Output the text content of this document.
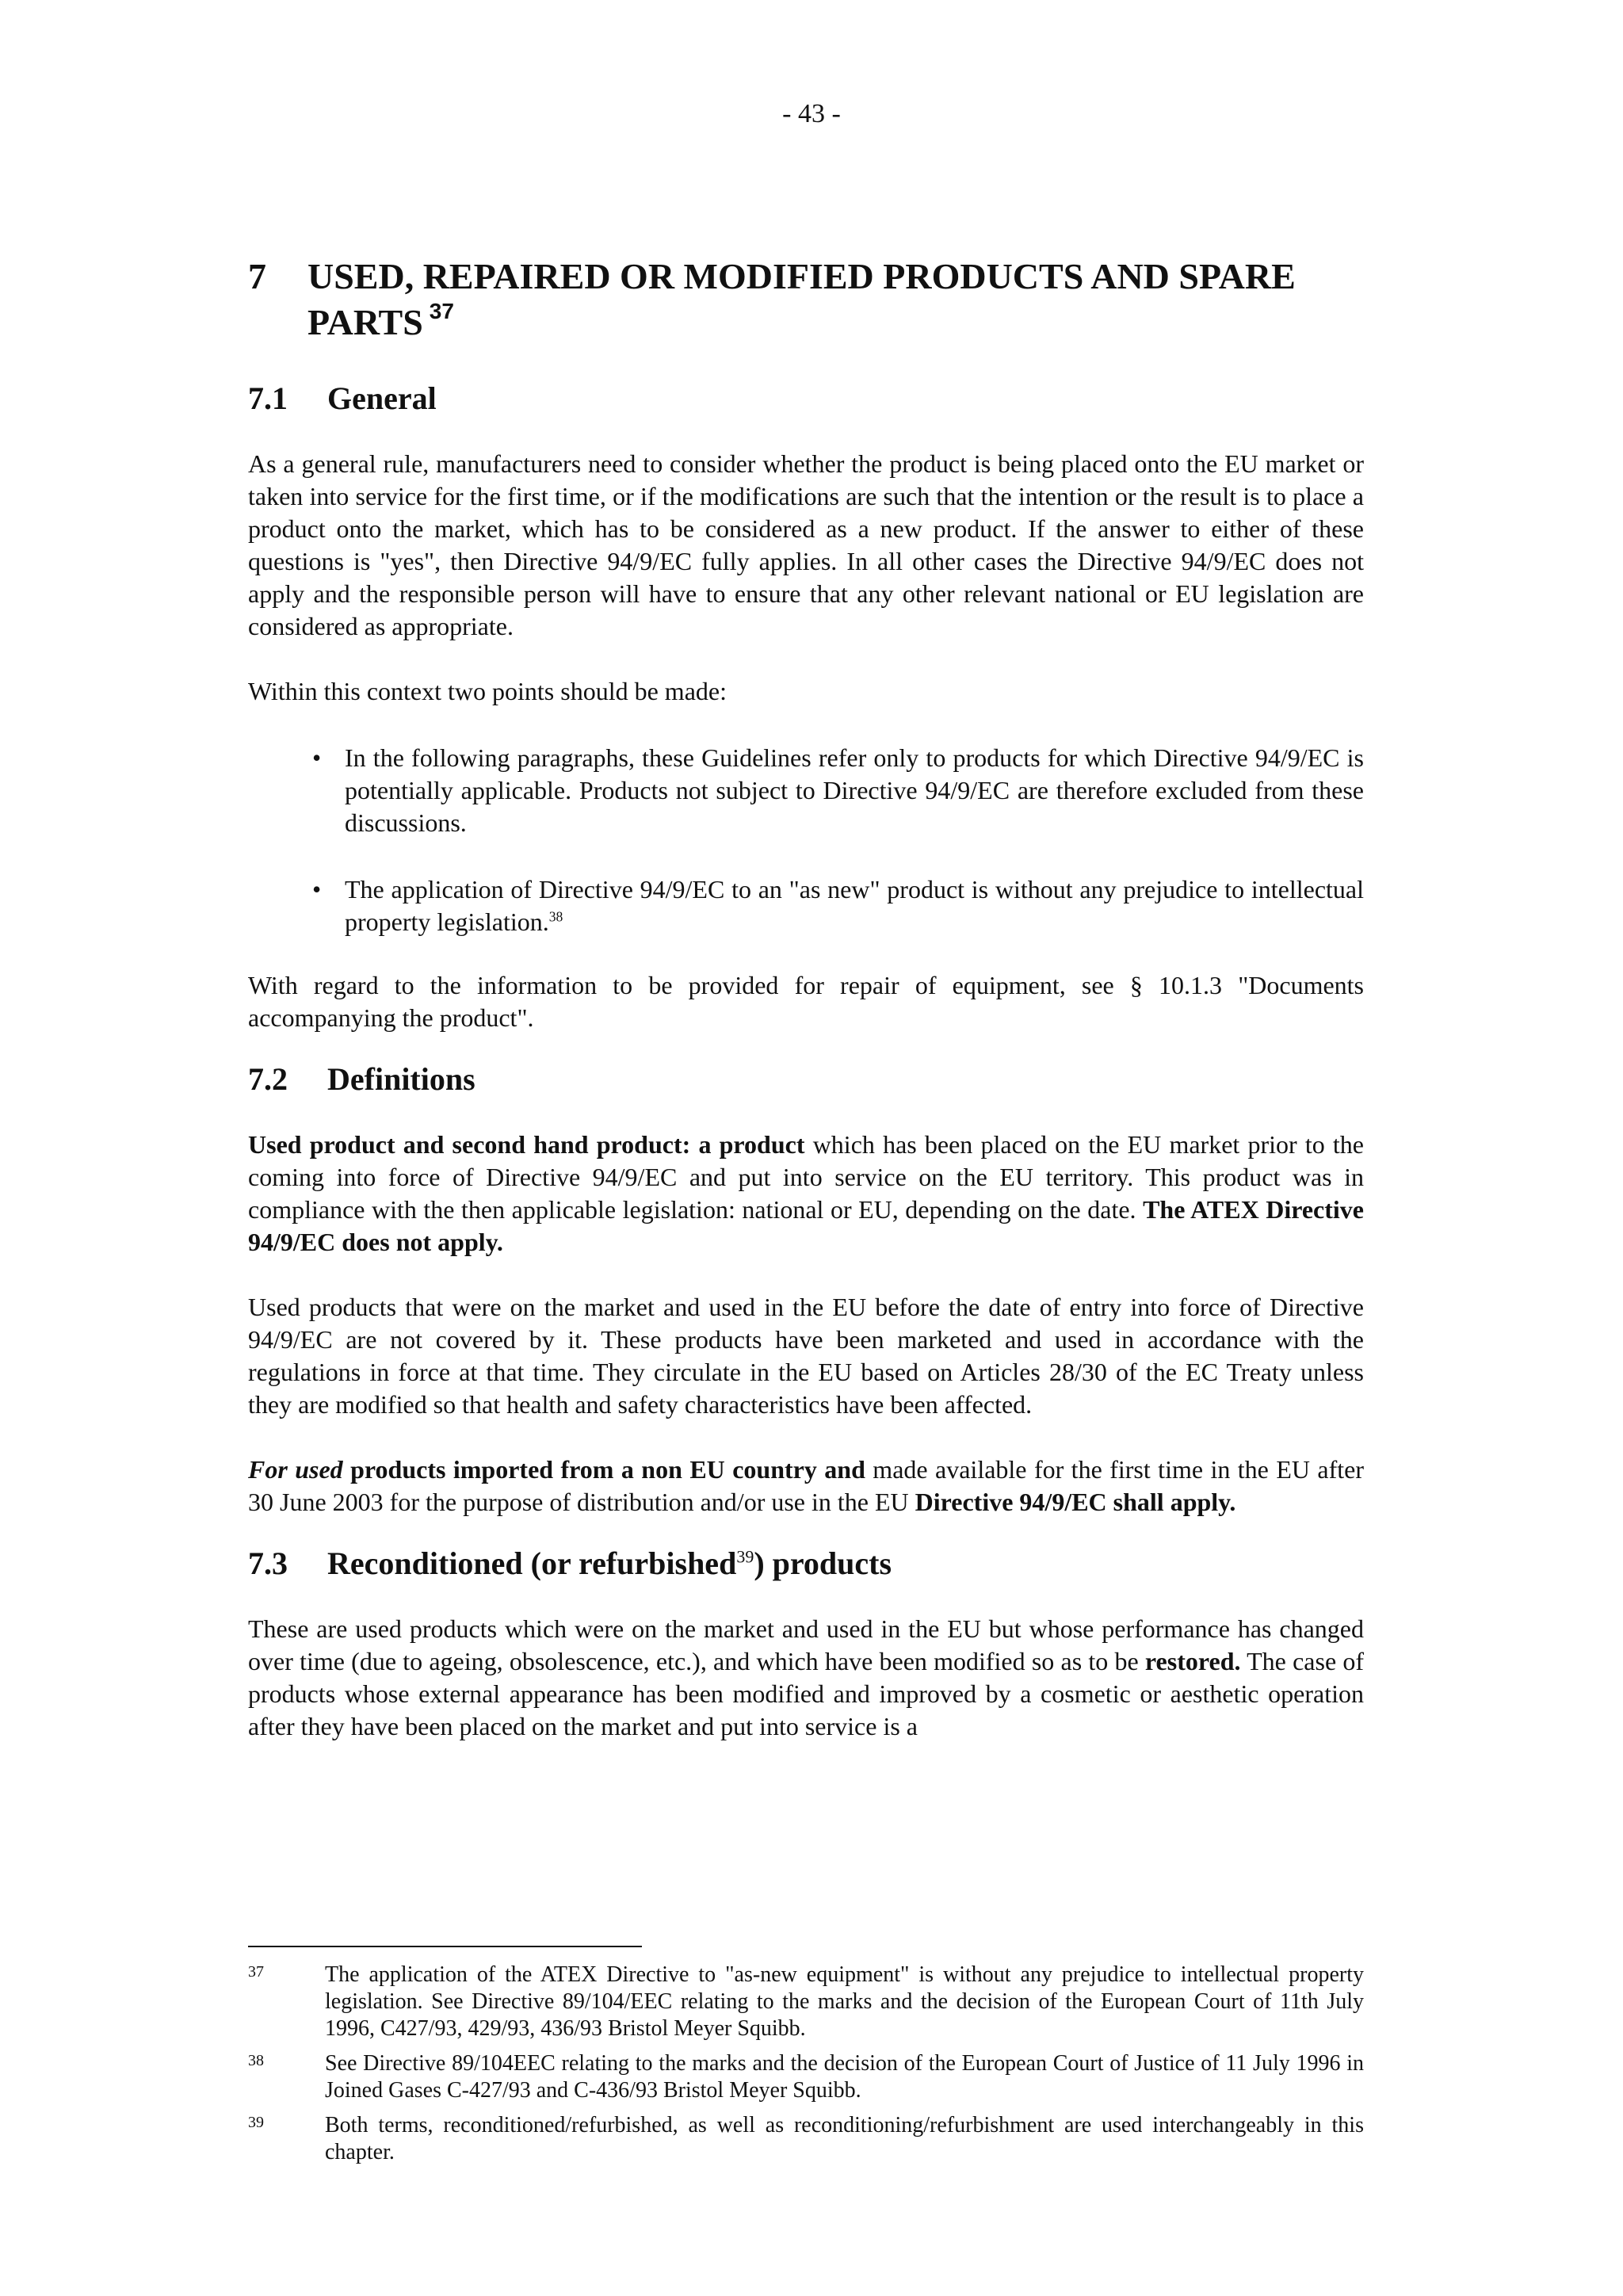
- 43 -
7	USED, REPAIRED OR MODIFIED PRODUCTS AND SPARE
PARTS $^{37}$
7.1	General

As a general rule, manufacturers need to consider whether the product is being placed onto the EU market or taken into service for the first time, or if the modifications are such that the intention or the result is to place a product onto the market, which has to be considered as a new product. If the answer to either of these questions is "yes", then Directive 94/9/EC fully applies. In all other cases the Directive 94/9/EC does not apply and the responsible person will have to ensure that any other relevant national or EU legislation are considered as appropriate.

Within this context two points should be made:

• In the following paragraphs, these Guidelines refer only to products for which Directive 94/9/EC is potentially applicable. Products not subject to Directive 94/9/EC are therefore excluded from these discussions.
• The application of Directive 94/9/EC to an "as new" product is without any prejudice to intellectual property legislation.$^{38}$

With regard to the information to be provided for repair of equipment, see § 10.1.3 "Documents accompanying the product".

7.2	Definitions

Used product and second hand product: a product which has been placed on the EU market prior to the coming into force of Directive 94/9/EC and put into service on the EU territory. This product was in compliance with the then applicable legislation: national or EU, depending on the date. The ATEX Directive 94/9/EC does not apply.

Used products that were on the market and used in the EU before the date of entry into force of Directive 94/9/EC are not covered by it. These products have been marketed and used in accordance with the regulations in force at that time. They circulate in the EU based on Articles 28/30 of the EC Treaty unless they are modified so that health and safety characteristics have been affected.

For used products imported from a non EU country and made available for the first time in the EU after 30 June 2003 for the purpose of distribution and/or use in the EU Directive 94/9/EC shall apply.

7.3	Reconditioned (or refurbished$^{39}$) products

These are used products which were on the market and used in the EU but whose performance has changed over time (due to ageing, obsolescence, etc.), and which have been modified so as to be restored. The case of products whose external appearance has been modified and improved by a cosmetic or aesthetic operation after they have been placed on the market and put into service is a

37	The application of the ATEX Directive to "as-new equipment" is without any prejudice to intellectual property legislation. See Directive 89/104/EEC relating to the marks and the decision of the European Court of 11th July 1996, C427/93, 429/93, 436/93 Bristol Meyer Squibb.
38	See Directive 89/104EEC relating to the marks and the decision of the European Court of Justice of 11 July 1996 in Joined Gases C-427/93 and C-436/93 Bristol Meyer Squibb.
39	Both terms, reconditioned/refurbished, as well as reconditioning/refurbishment are used interchangeably in this chapter.
